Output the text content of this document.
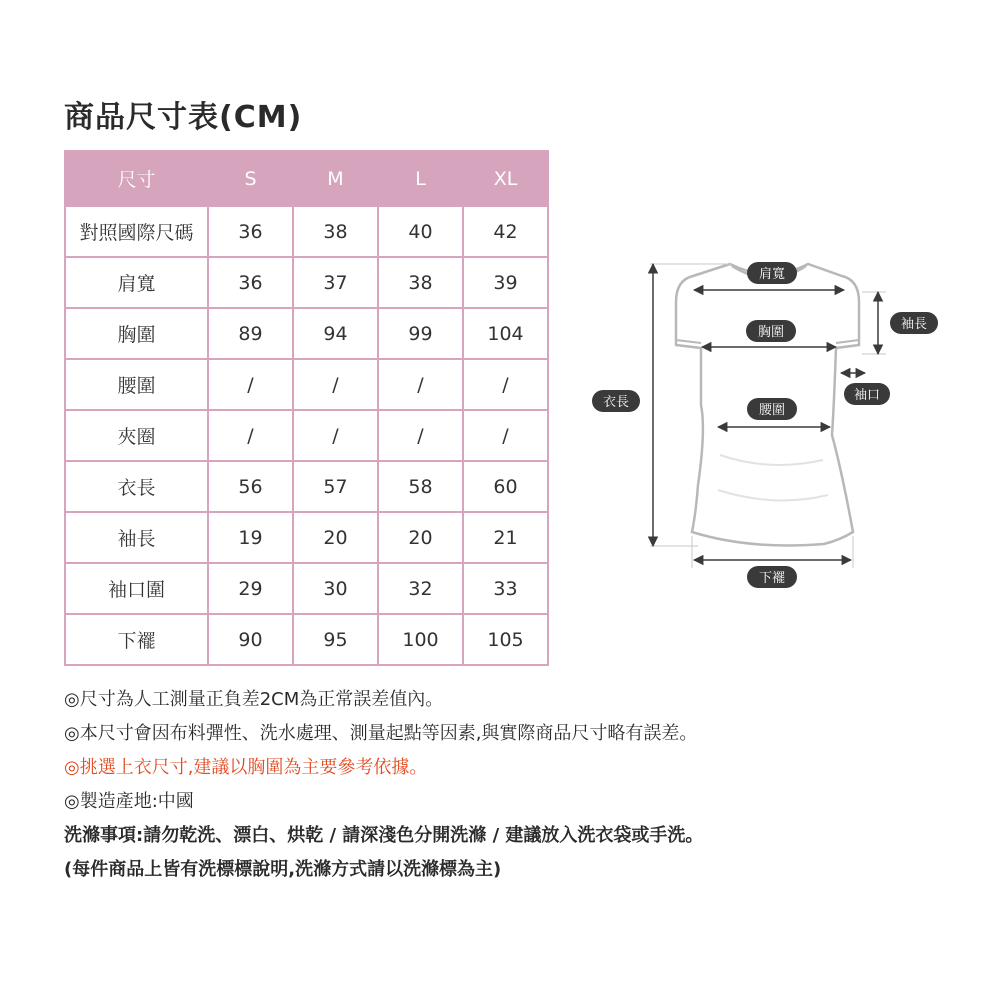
商品尺寸表(CM)
尺寸	S	M	L	XL
對照國際尺碼	36	38	40	42
肩寬	36	37	38	39
胸圍	89	94	99	104
腰圍	/	/	/	/
夾圈	/	/	/	/
衣長	56	57	58	60
袖長	19	20	20	21
袖口圍	29	30	32	33
下襬	90	95	100	105
肩寬
袖長
胸圍
袖口
衣長
腰圍
下襬
◎尺寸為人工測量正負差2CM為正常誤差值內。
◎本尺寸會因布料彈性、洗水處理、測量起點等因素,與實際商品尺寸略有誤差。
◎挑選上衣尺寸,建議以胸圍為主要參考依據。
◎製造產地:中國
洗滌事項:請勿乾洗、漂白、烘乾 / 請深淺色分開洗滌 / 建議放入洗衣袋或手洗。
(每件商品上皆有洗標標說明,洗滌方式請以洗滌標為主)
